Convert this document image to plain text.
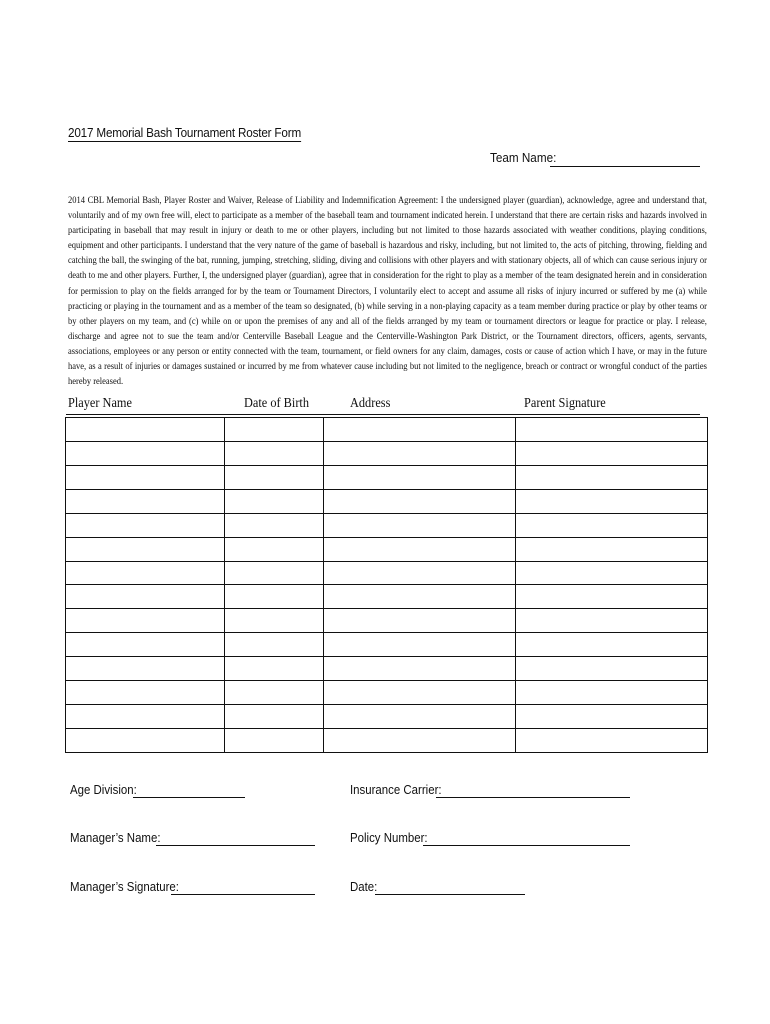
2017 Memorial Bash Tournament Roster Form
Team Name:

2014 CBL Memorial Bash, Player Roster and Waiver, Release of Liability and Indemnification Agreement: I the undersigned player (guardian), acknowledge, agree and understand that, voluntarily and of my own free will, elect to participate as a member of the baseball team and tournament indicated herein. I understand that there are certain risks and hazards involved in participating in baseball that may result in injury or death to me or other players, including but not limited to those hazards associated with weather conditions, playing conditions, equipment and other participants. I understand that the very nature of the game of baseball is hazardous and risky, including, but not limited to, the acts of pitching, throwing, fielding and catching the ball, the swinging of the bat, running, jumping, stretching, sliding, diving and collisions with other players and with stationary objects, all of which can cause serious injury or death to me and other players. Further, I, the undersigned player (guardian), agree that in consideration for the right to play as a member of the team designated herein and in consideration for permission to play on the fields arranged for by the team or Tournament Directors, I voluntarily elect to accept and assume all risks of injury incurred or suffered by me (a) while practicing or playing in the tournament and as a member of the team so designated, (b) while serving in a non-playing capacity as a team member during practice or play by other teams or by other players on my team, and (c) while on or upon the premises of any and all of the fields arranged by my team or tournament directors or league for practice or play. I release, discharge and agree not to sue the team and/or Centerville Baseball League and the Centerville-Washington Park District, or the Tournament directors, officers, agents, servants, associations, employees or any person or entity connected with the team, tournament, or field owners for any claim, damages, costs or cause of action which I have, or may in the future have, as a result of injuries or damages sustained or incurred by me from whatever cause including but not limited to the negligence, breach or contract or wrongful conduct of the parties hereby released.

Player Name	Date of Birth	Address	Parent Signature

Age Division:	Insurance Carrier:
Manager’s Name:	Policy Number:
Manager’s Signature:	Date:
